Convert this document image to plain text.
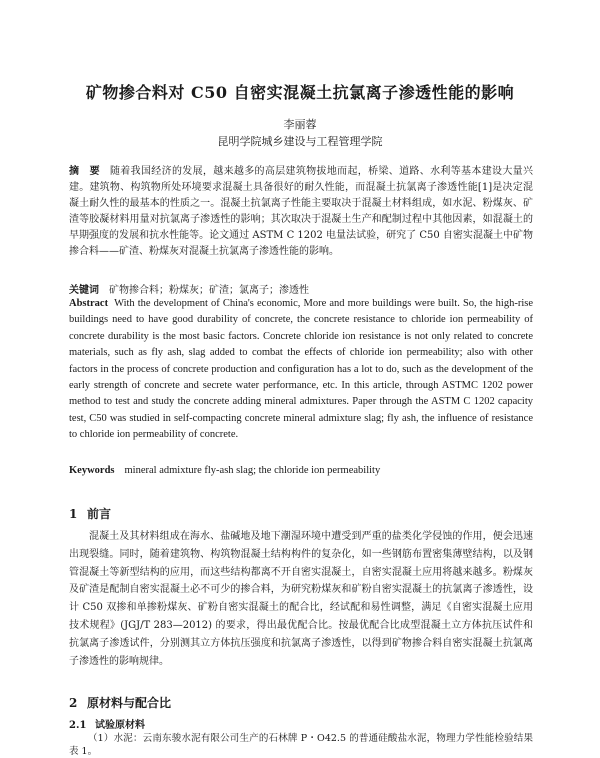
矿物掺合料对 C50 自密实混凝土抗氯离子渗透性能的影响
李丽蓉
昆明学院城乡建设与工程管理学院

摘　要 随着我国经济的发展，越来越多的高层建筑物拔地而起，桥梁、道路、水利等基本建设大量兴建。建筑物、构筑物所处环境要求混凝土具备很好的耐久性能，而混凝土抗氯离子渗透性能[1]是决定混凝土耐久性的最基本的性质之一。混凝土抗氯离子性能主要取决于混凝土材料组成，如水泥、粉煤灰、矿渣等胶凝材料用量对抗氯离子渗透性的影响；其次取决于混凝土生产和配制过程中其他因素，如混凝土的早期强度的发展和抗水性能等。论文通过 ASTM C 1202 电量法试验，研究了 C50 自密实混凝土中矿物掺合料——矿渣、粉煤灰对混凝土抗氯离子渗透性能的影响。

关键词 矿物掺合料；粉煤灰；矿渣；氯离子；渗透性

Abstract With the development of China's economic, More and more buildings were built. So, the high-rise buildings need to have good durability of concrete, the concrete resistance to chloride ion permeability of concrete durability is the most basic factors. Concrete chloride ion resistance is not only related to concrete materials, such as fly ash, slag added to combat the effects of chloride ion permeability; also with other factors in the process of concrete production and configuration has a lot to do, such as the development of the early strength of concrete and secrete water performance, etc. In this article, through ASTMC 1202 power method to test and study the concrete adding mineral admixtures. Paper through the ASTM C 1202 capacity test, C50 was studied in self-compacting concrete mineral admixture slag; fly ash, the influence of resistance to chloride ion permeability of concrete.

Keywords mineral admixture fly-ash slag; the chloride ion permeability
1 前言

混凝土及其材料组成在海水、盐碱地及地下潮湿环境中遭受到严重的盐类化学侵蚀的作用，便会迅速出现裂缝。同时，随着建筑物、构筑物混凝土结构构件的复杂化，如一些钢筋布置密集薄壁结构，以及钢管混凝土等新型结构的应用，而这些结构都离不开自密实混凝土，自密实混凝土应用将越来越多。粉煤灰及矿渣是配制自密实混凝土必不可少的掺合料，为研究粉煤灰和矿粉自密实混凝土的抗氯离子渗透性，设计 C50 双掺和单掺粉煤灰、矿粉自密实混凝土的配合比，经试配和易性调整，满足《自密实混凝土应用技术规程》(JGJ/T 283—2012) 的要求，得出最优配合比。按最优配合比成型混凝土立方体抗压试件和抗氯离子渗透试件，分别测其立方体抗压强度和抗氯离子渗透性，以得到矿物掺合料自密实混凝土抗氯离子渗透性的影响规律。

2 原材料与配合比
2.1 试验原材料

（1）水泥：云南东骏水泥有限公司生产的石林牌 P・O42.5 的普通硅酸盐水泥，物理力学性能检验结果表 1。
